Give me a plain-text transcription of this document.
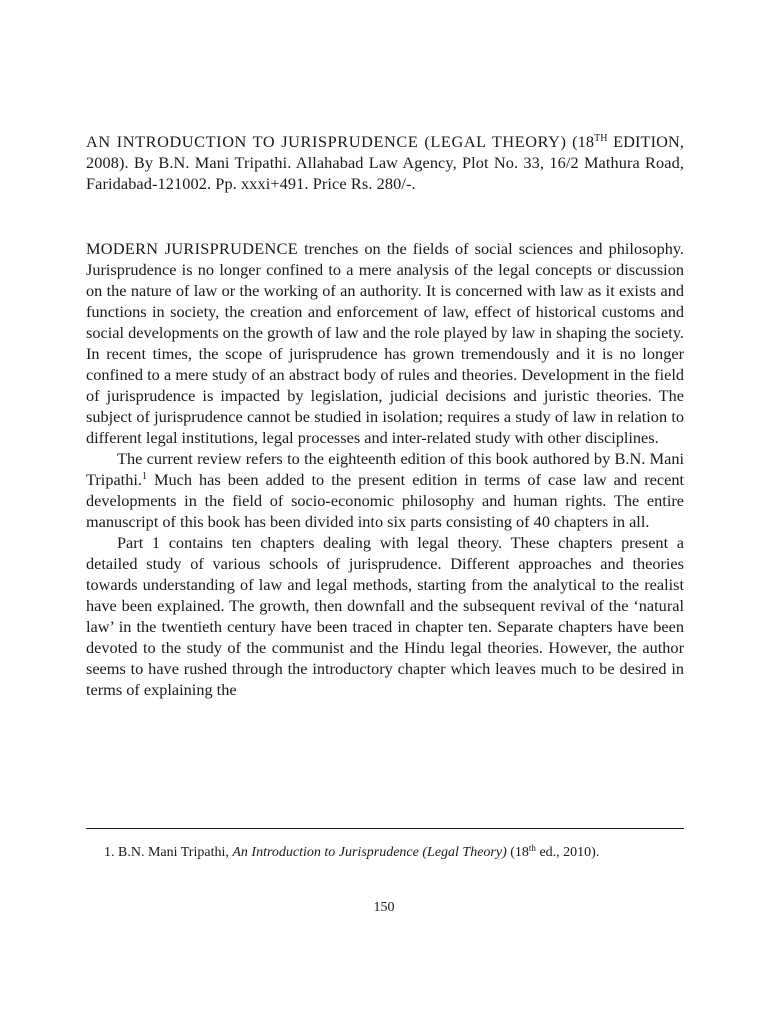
AN INTRODUCTION TO JURISPRUDENCE (LEGAL THEORY) (18TH EDITION, 2008). By B.N. Mani Tripathi. Allahabad Law Agency, Plot No. 33, 16/2 Mathura Road, Faridabad-121002. Pp. xxxi+491. Price Rs. 280/-.

MODERN JURISPRUDENCE trenches on the fields of social sciences and philosophy. Jurisprudence is no longer confined to a mere analysis of the legal concepts or discussion on the nature of law or the working of an authority. It is concerned with law as it exists and functions in society, the creation and enforcement of law, effect of historical customs and social developments on the growth of law and the role played by law in shaping the society. In recent times, the scope of jurisprudence has grown tremendously and it is no longer confined to a mere study of an abstract body of rules and theories. Development in the field of jurisprudence is impacted by legislation, judicial decisions and juristic theories. The subject of jurisprudence cannot be studied in isolation; requires a study of law in relation to different legal institutions, legal processes and inter-related study with other disciplines.

The current review refers to the eighteenth edition of this book authored by B.N. Mani Tripathi.$^1$ Much has been added to the present edition in terms of case law and recent developments in the field of socio-economic philosophy and human rights. The entire manuscript of this book has been divided into six parts consisting of 40 chapters in all.

Part 1 contains ten chapters dealing with legal theory. These chapters present a detailed study of various schools of jurisprudence. Different approaches and theories towards understanding of law and legal methods, starting from the analytical to the realist have been explained. The growth, then downfall and the subsequent revival of the ‘natural law’ in the twentieth century have been traced in chapter ten. Separate chapters have been devoted to the study of the communist and the Hindu legal theories. However, the author seems to have rushed through the introductory chapter which leaves much to be desired in terms of explaining the

1. B.N. Mani Tripathi, An Introduction to Jurisprudence (Legal Theory) (18th ed., 2010).

150
